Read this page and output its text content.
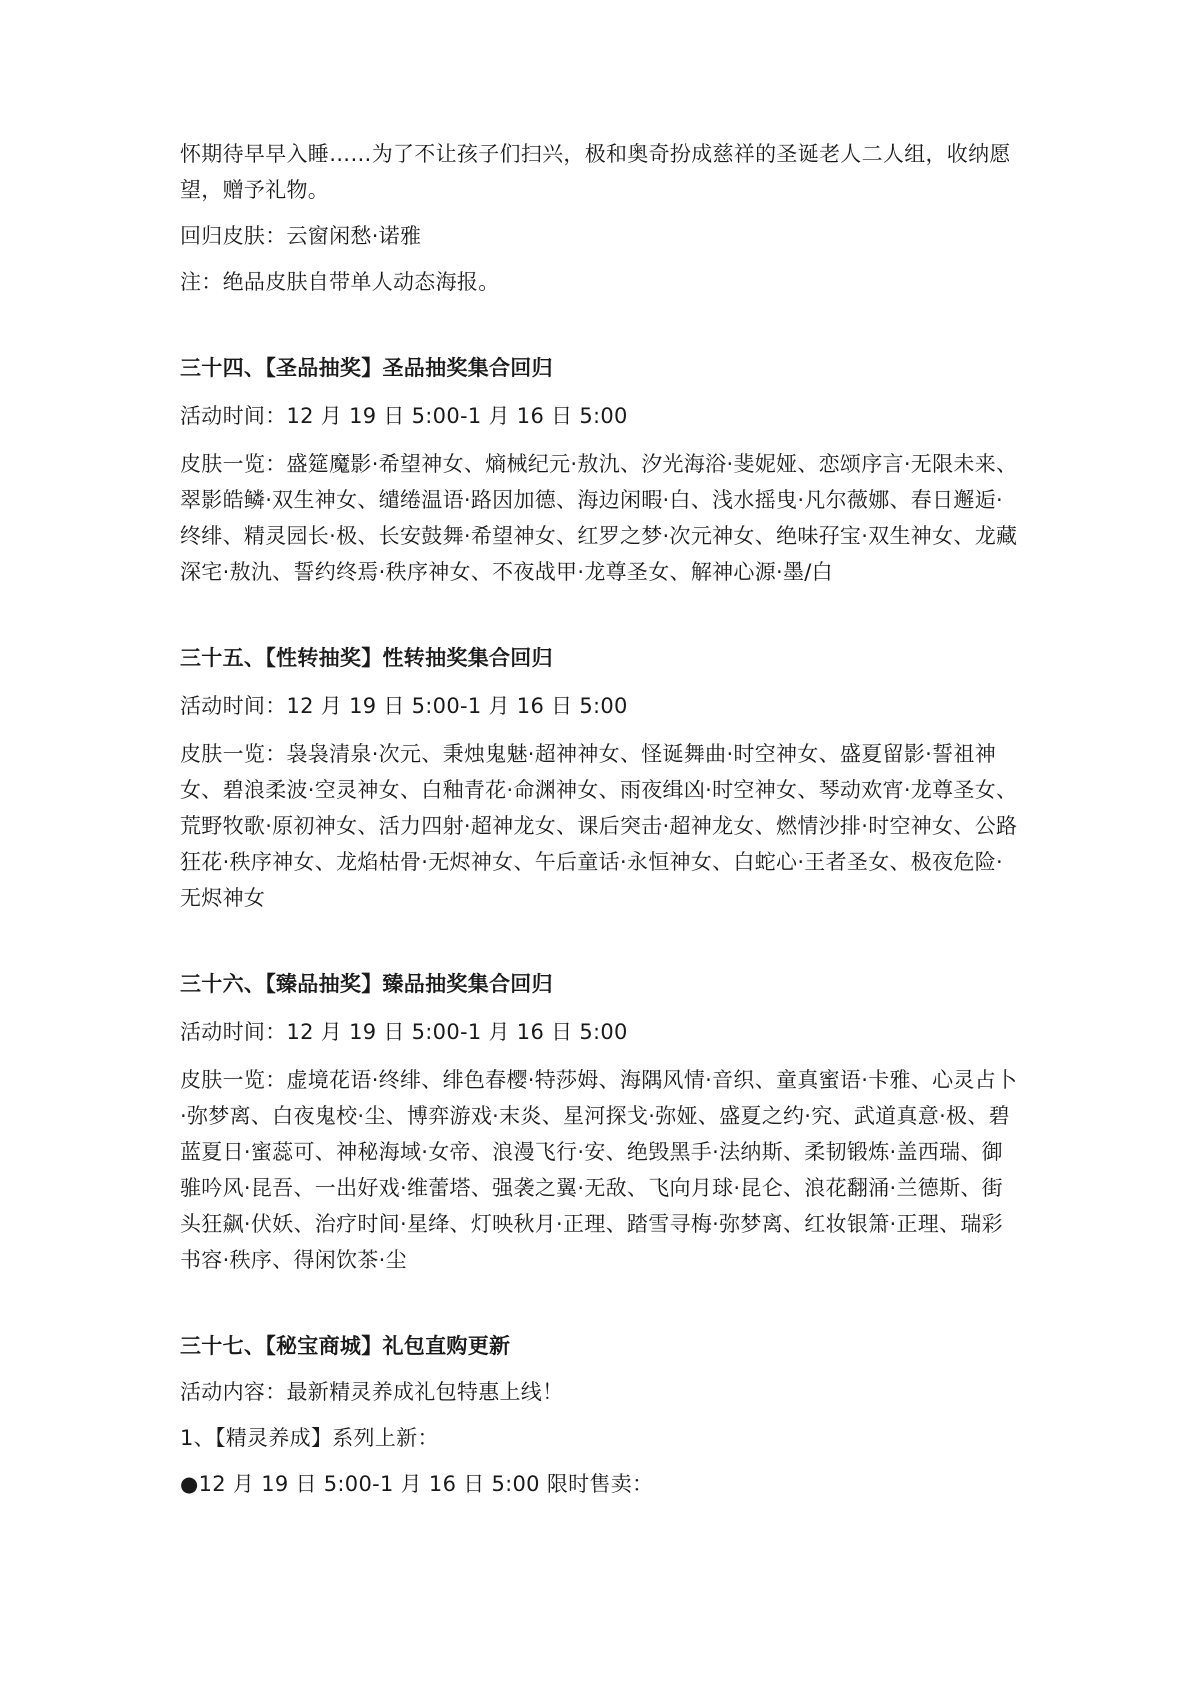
怀期待早早入睡……为了不让孩子们扫兴，极和奥奇扮成慈祥的圣诞老人二人组，收纳愿望，赠予礼物。

回归皮肤：云窗闲愁·诺雅

注：绝品皮肤自带单人动态海报。

三十四、【圣品抽奖】圣品抽奖集合回归

活动时间：12 月 19 日 5:00-1 月 16 日 5:00

皮肤一览：盛筵魔影·希望神女、熵械纪元·敖氿、汐光海浴·斐妮娅、恋颂序言·无限未来、翠影皓鳞·双生神女、缱绻温语·路因加德、海边闲暇·白、浅水摇曳·凡尔薇娜、春日邂逅·终绯、精灵园长·极、长安鼓舞·希望神女、红罗之梦·次元神女、绝味孖宝·双生神女、龙藏深宅·敖氿、誓约终焉·秩序神女、不夜战甲·龙尊圣女、解神心源·墨/白

三十五、【性转抽奖】性转抽奖集合回归

活动时间：12 月 19 日 5:00-1 月 16 日 5:00

皮肤一览：袅袅清泉·次元、秉烛鬼魅·超神神女、怪诞舞曲·时空神女、盛夏留影·誓祖神女、碧浪柔波·空灵神女、白釉青花·命渊神女、雨夜缉凶·时空神女、琴动欢宵·龙尊圣女、荒野牧歌·原初神女、活力四射·超神龙女、课后突击·超神龙女、燃情沙排·时空神女、公路狂花·秩序神女、龙焰枯骨·无烬神女、午后童话·永恒神女、白蛇心·王者圣女、极夜危险·无烬神女

三十六、【臻品抽奖】臻品抽奖集合回归

活动时间：12 月 19 日 5:00-1 月 16 日 5:00

皮肤一览：虚境花语·终绯、绯色春樱·特莎姆、海隅风情·音织、童真蜜语·卡雅、心灵占卜·弥梦离、白夜鬼校·尘、博弈游戏·末炎、星河探戈·弥娅、盛夏之约·究、武道真意·极、碧蓝夏日·蜜蕊可、神秘海域·女帝、浪漫飞行·安、绝毁黑手·法纳斯、柔韧锻炼·盖西瑞、御骓吟风·昆吾、一出好戏·维蕾塔、强袭之翼·无敌、飞向月球·昆仑、浪花翻涌·兰德斯、街头狂飙·伏妖、治疗时间·星绛、灯映秋月·正理、踏雪寻梅·弥梦离、红妆银箫·正理、瑞彩书容·秩序、得闲饮茶·尘

三十七、【秘宝商城】礼包直购更新

活动内容：最新精灵养成礼包特惠上线！

1、【精灵养成】系列上新：

●12 月 19 日 5:00-1 月 16 日 5:00 限时售卖：
